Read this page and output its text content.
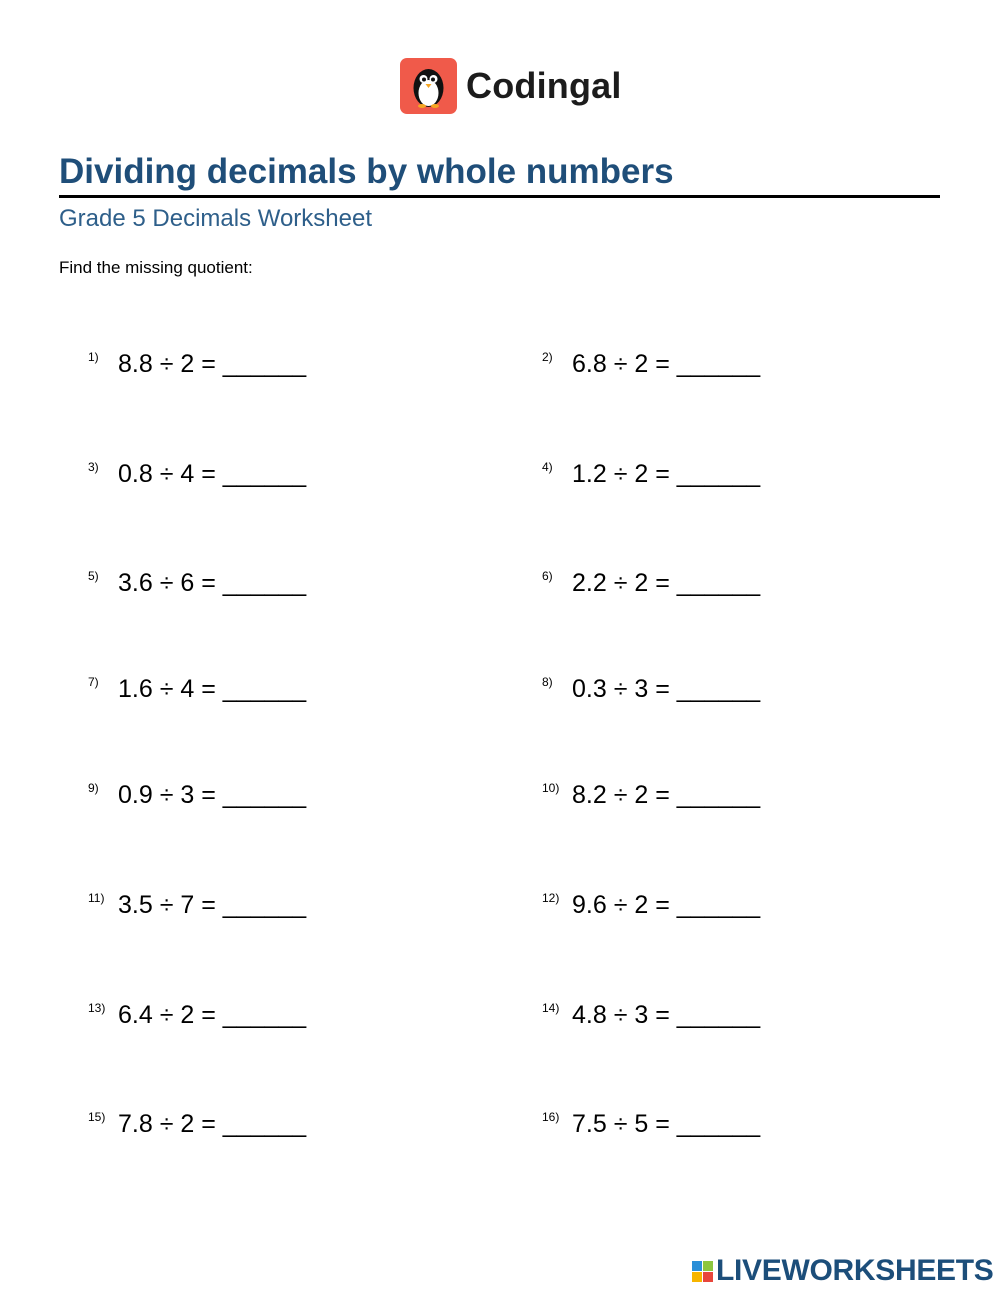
Codingal
Dividing decimals by whole numbers
Grade 5 Decimals Worksheet
Find the missing quotient:
1) 8.8 ÷ 2 = ______	2) 6.8 ÷ 2 = ______
3) 0.8 ÷ 4 = ______	4) 1.2 ÷ 2 = ______
5) 3.6 ÷ 6 = ______	6) 2.2 ÷ 2 = ______
7) 1.6 ÷ 4 = ______	8) 0.3 ÷ 3 = ______
9) 0.9 ÷ 3 = ______	10) 8.2 ÷ 2 = ______
11) 3.5 ÷ 7 = ______	12) 9.6 ÷ 2 = ______
13) 6.4 ÷ 2 = ______	14) 4.8 ÷ 3 = ______
15) 7.8 ÷ 2 = ______	16) 7.5 ÷ 5 = ______
LIVEWORKSHEETS
